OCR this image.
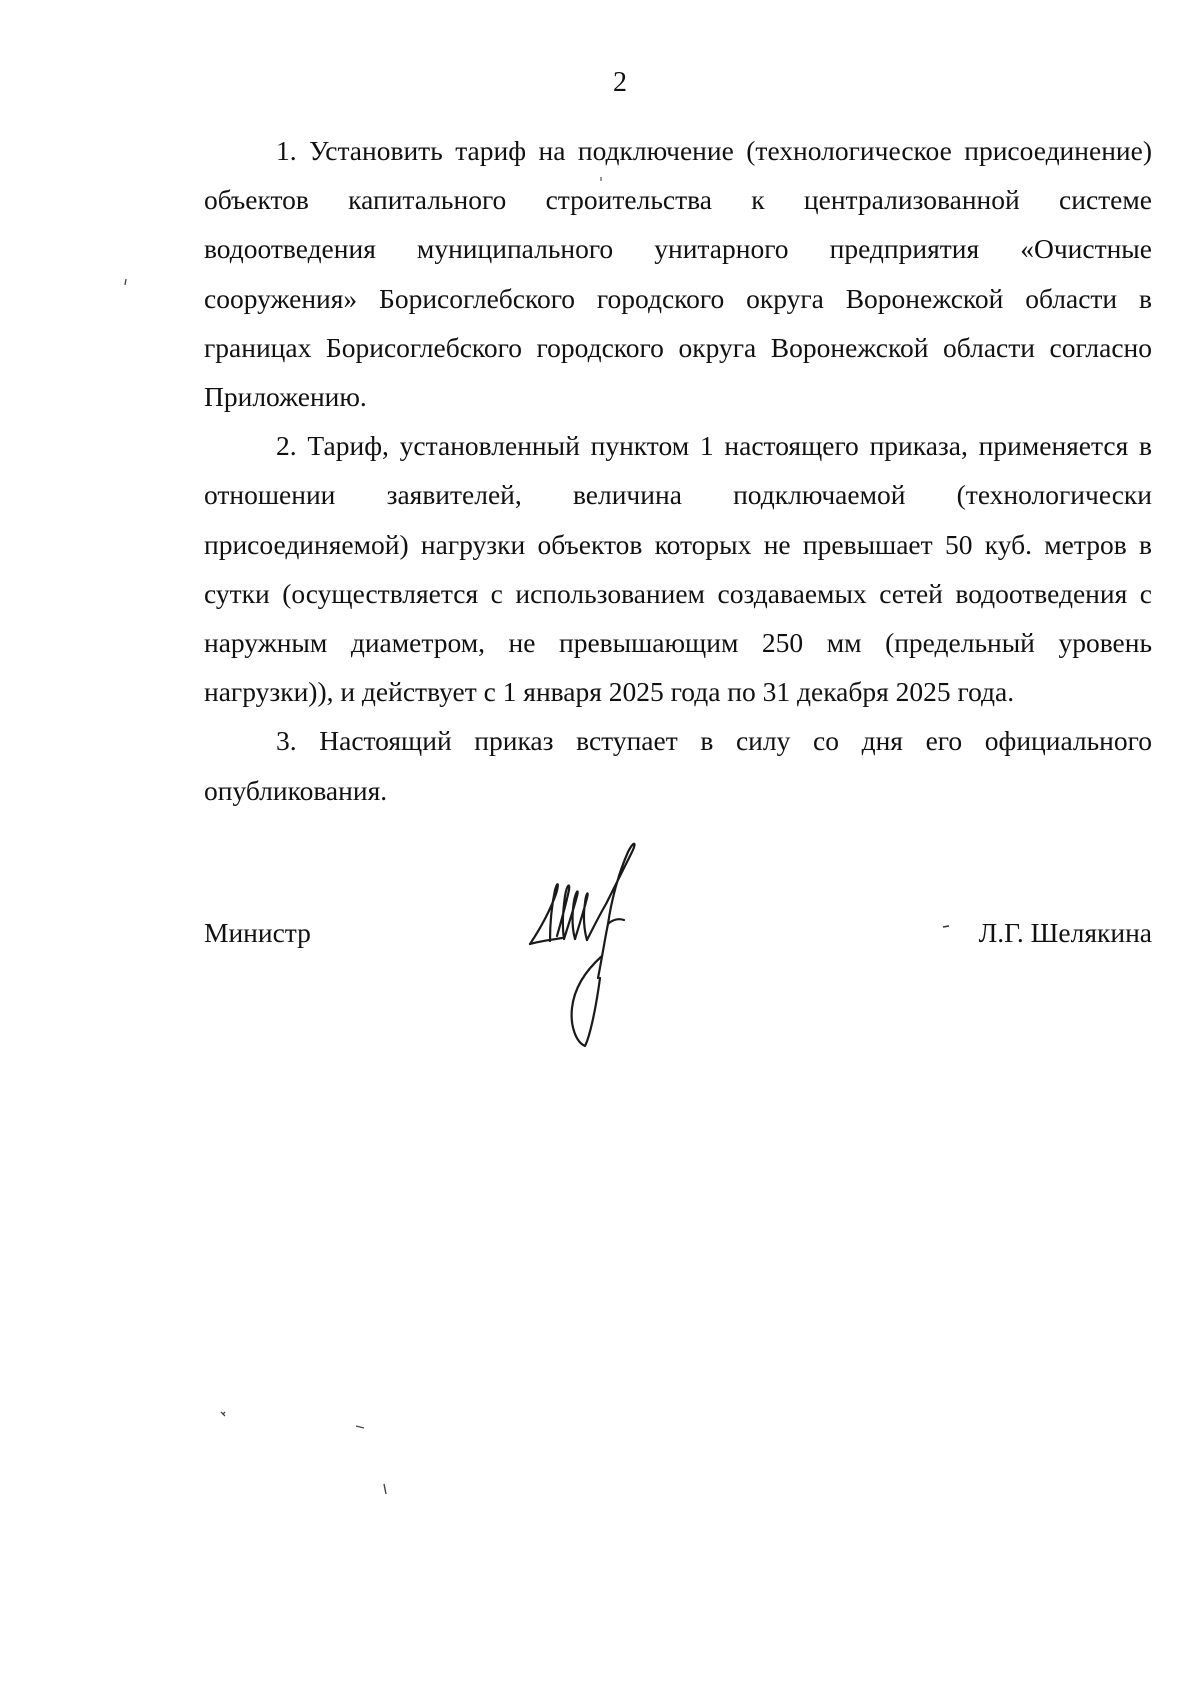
2

1. Установить тариф на подключение (технологическое присоединение) объектов капитального строительства к централизованной системе водоотведения муниципального унитарного предприятия «Очистные сооружения» Борисоглебского городского округа Воронежской области в границах Борисоглебского городского округа Воронежской области согласно Приложению.

2. Тариф, установленный пунктом 1 настоящего приказа, применяется в отношении заявителей, величина подключаемой (технологически присоединяемой) нагрузки объектов которых не превышает 50 куб. метров в сутки (осуществляется с использованием создаваемых сетей водоотведения с наружным диаметром, не превышающим 250 мм (предельный уровень нагрузки)), и действует с 1 января 2025 года по 31 декабря 2025 года.

3. Настоящий приказ вступает в силу со дня его официального опубликования.

Министр	Л.Г. Шелякина
